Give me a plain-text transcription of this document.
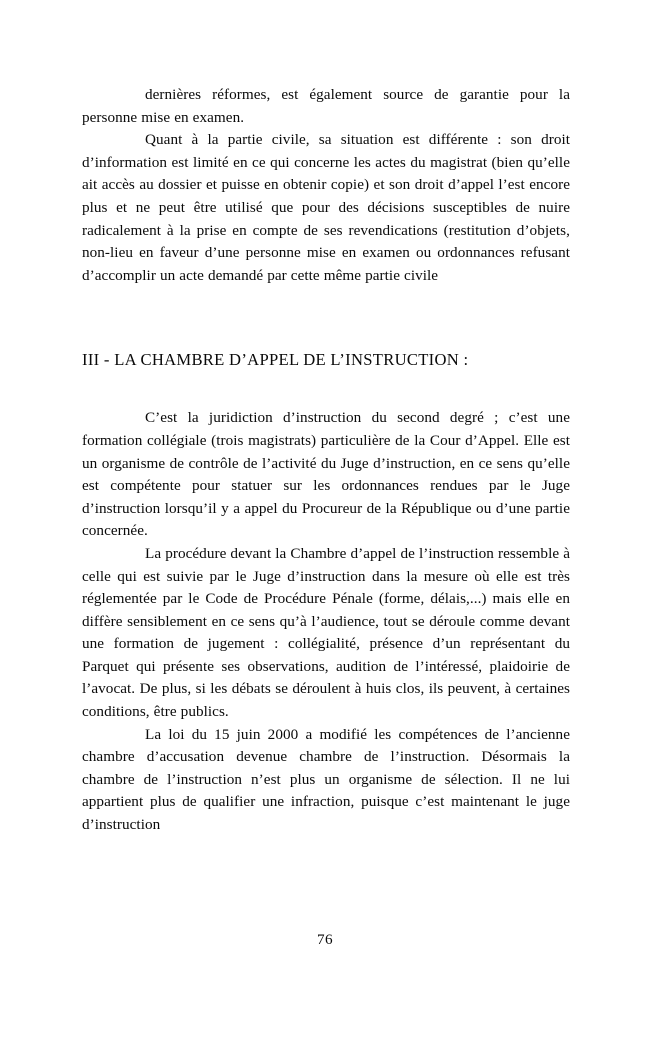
dernières réformes, est également source de garantie pour la personne mise en examen.

Quant à la partie civile, sa situation est différente : son droit d’information est limité en ce qui concerne les actes du magistrat (bien qu’elle ait accès au dossier et puisse en obtenir copie) et son droit d’appel l’est encore plus et ne peut être utilisé que pour des décisions susceptibles de nuire radicalement à la prise en compte de ses revendications (restitution d’objets, non-lieu en faveur d’une personne mise en examen ou ordonnances refusant d’accomplir un acte demandé par cette même partie civile

III - LA CHAMBRE D’APPEL DE L’INSTRUCTION :

C’est la juridiction d’instruction du second degré ; c’est une formation collégiale (trois magistrats) particulière de la Cour d’Appel. Elle est un organisme de contrôle de l’activité du Juge d’instruction, en ce sens qu’elle est compétente pour statuer sur les ordonnances rendues par le Juge d’instruction lorsqu’il y a appel du Procureur de la République ou d’une partie concernée.

La procédure devant la Chambre d’appel de l’instruction ressemble à celle qui est suivie par le Juge d’instruction dans la mesure où elle est très réglementée par le Code de Procédure Pénale (forme, délais,...) mais elle en diffère sensiblement en ce sens qu’à l’audience, tout se déroule comme devant une formation de jugement : collégialité, présence d’un représentant du Parquet qui présente ses observations, audition de l’intéressé, plaidoirie de l’avocat. De plus, si les débats se déroulent à huis clos, ils peuvent, à certaines conditions, être publics.

La loi du 15 juin 2000 a modifié les compétences de l’ancienne chambre d’accusation devenue chambre de l’instruction. Désormais la chambre de l’instruction n’est plus un organisme de sélection. Il ne lui appartient plus de qualifier une infraction, puisque c’est maintenant le juge d’instruction

76
